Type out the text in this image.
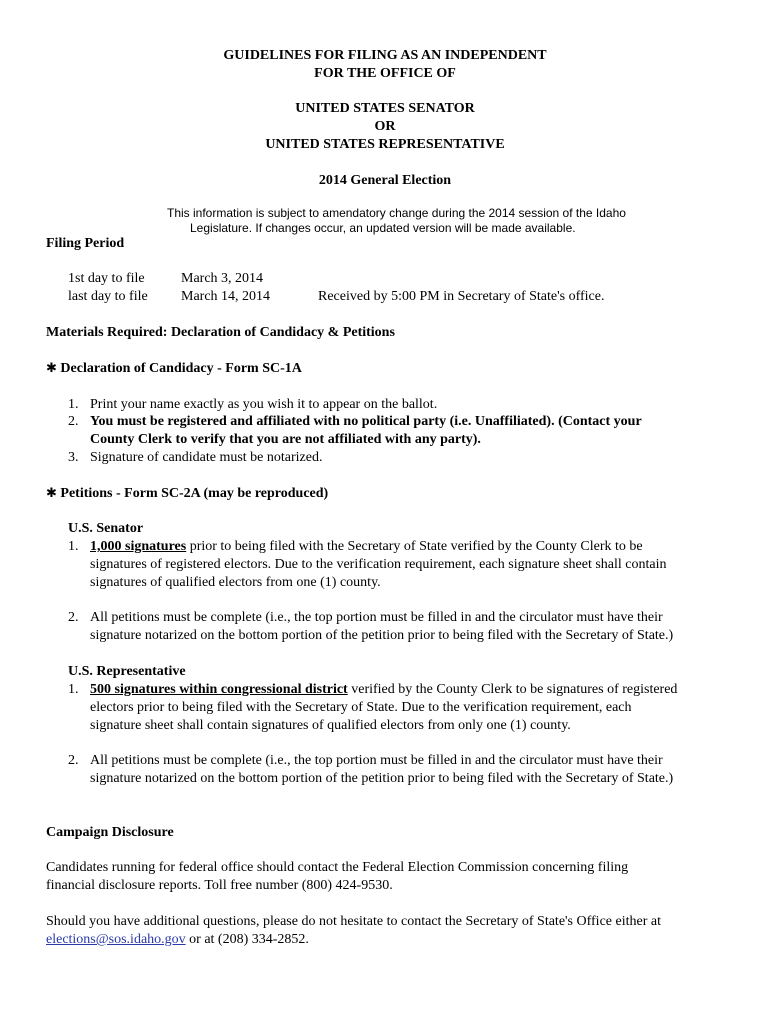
GUIDELINES FOR FILING AS AN INDEPENDENT

FOR THE OFFICE OF

UNITED STATES SENATOR

OR

UNITED STATES REPRESENTATIVE

2014 General Election

This information is subject to amendatory change during the 2014 session of the Idaho

Legislature. If changes occur, an updated version will be made available.

Filing Period

1st day to file	March 3, 2014

last day to file March 14, 2014	Received by 5:00 PM in Secretary of State's office.

Materials Required: Declaration of Candidacy & Petitions

✱ Declaration of Candidacy - Form SC-1A

1. Print your name exactly as you wish it to appear on the ballot.

2. You must be registered and affiliated with no political party (i.e. Unaffiliated). (Contact your

County Clerk to verify that you are not affiliated with any party).

3. Signature of candidate must be notarized.

✱ Petitions - Form SC-2A (may be reproduced)

U.S. Senator

1. 1,000 signatures prior to being filed with the Secretary of State verified by the County Clerk to be

signatures of registered electors. Due to the verification requirement, each signature sheet shall contain

signatures of qualified electors from one (1) county.

2. All petitions must be complete (i.e., the top portion must be filled in and the circulator must have their

signature notarized on the bottom portion of the petition prior to being filed with the Secretary of State.)

U.S. Representative

1. 500 signatures within congressional district verified by the County Clerk to be signatures of registered

electors prior to being filed with the Secretary of State. Due to the verification requirement, each

signature sheet shall contain signatures of qualified electors from only one (1) county.

2. All petitions must be complete (i.e., the top portion must be filled in and the circulator must have their

signature notarized on the bottom portion of the petition prior to being filed with the Secretary of State.)

Campaign Disclosure

Candidates running for federal office should contact the Federal Election Commission concerning filing

financial disclosure reports. Toll free number (800) 424-9530.

Should you have additional questions, please do not hesitate to contact the Secretary of State's Office either at

elections@sos.idaho.gov or at (208) 334-2852.
